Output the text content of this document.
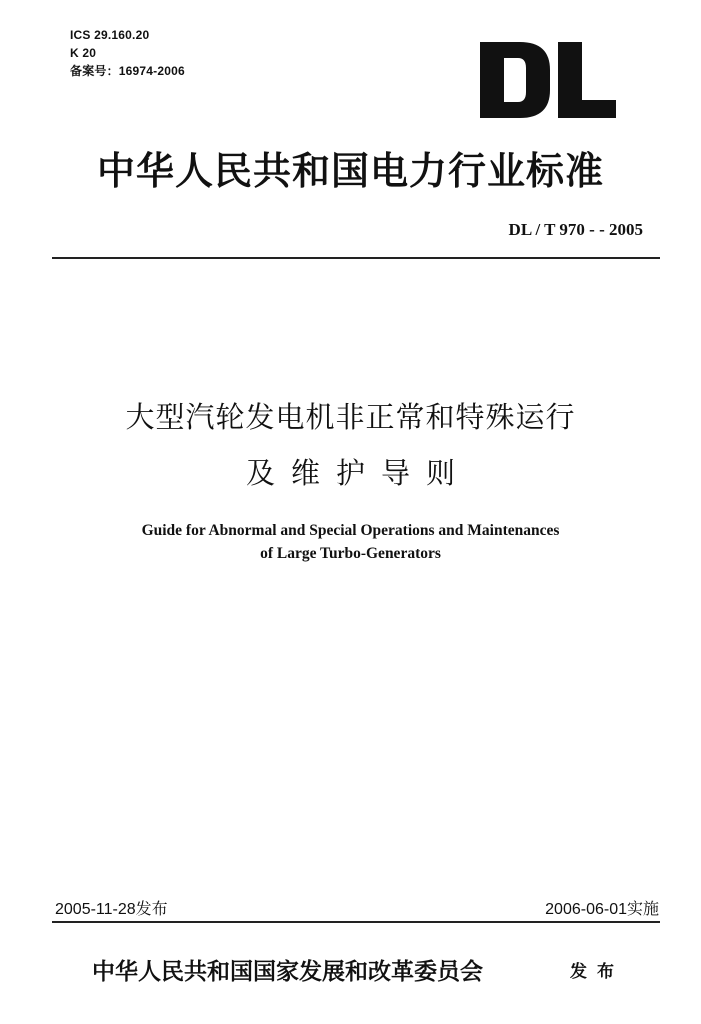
ICS 29.160.20
K 20
备案号：16974-2006
中华人民共和国电力行业标准
DL / T 970 - - 2005
大型汽轮发电机非正常和特殊运行
及维护导则
Guide for Abnormal and Special Operations and Maintenances
of Large Turbo-Generators
2005-11-28发布	2006-06-01实施
中华人民共和国国家发展和改革委员会	发布
